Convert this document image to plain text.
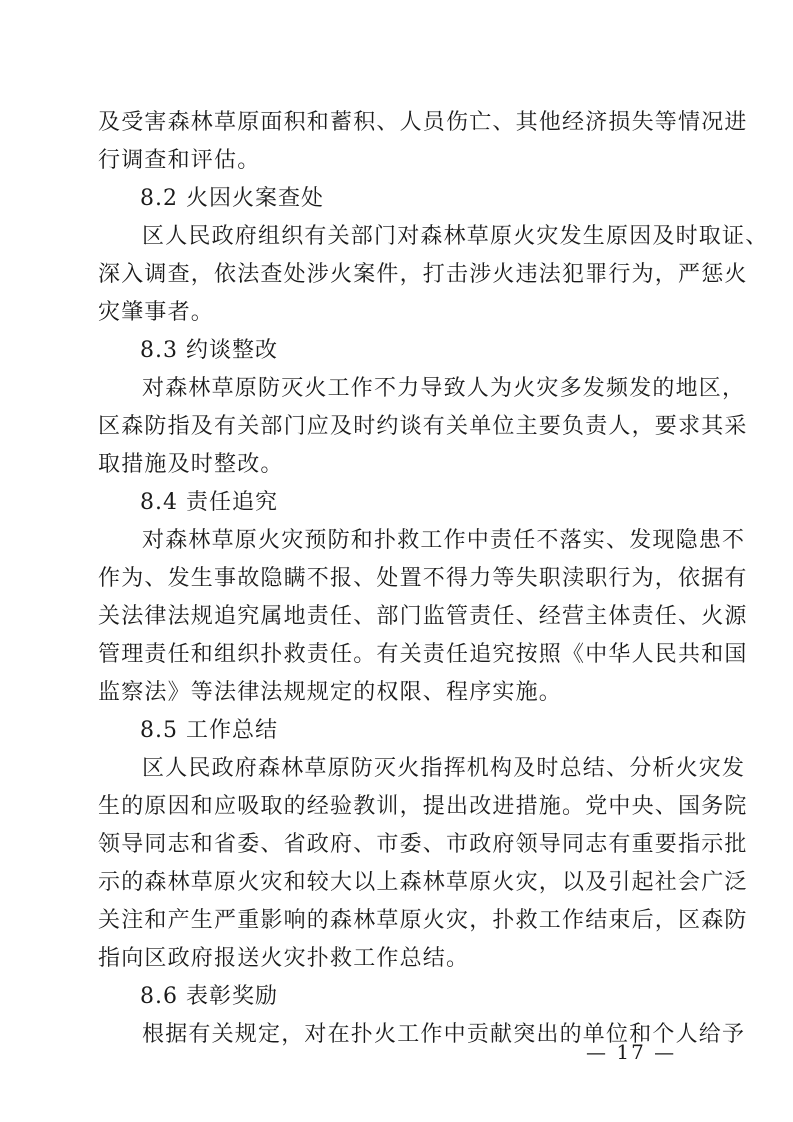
及受害森林草原面积和蓄积、人员伤亡、其他经济损失等情况进
行调查和评估。
8.2 火因火案查处
区人民政府组织有关部门对森林草原火灾发生原因及时取证、
深入调查，依法查处涉火案件，打击涉火违法犯罪行为，严惩火
灾肇事者。
8.3 约谈整改
对森林草原防灭火工作不力导致人为火灾多发频发的地区，
区森防指及有关部门应及时约谈有关单位主要负责人，要求其采
取措施及时整改。
8.4 责任追究
对森林草原火灾预防和扑救工作中责任不落实、发现隐患不
作为、发生事故隐瞒不报、处置不得力等失职渎职行为，依据有
关法律法规追究属地责任、部门监管责任、经营主体责任、火源
管理责任和组织扑救责任。有关责任追究按照《中华人民共和国
监察法》等法律法规规定的权限、程序实施。
8.5 工作总结
区人民政府森林草原防灭火指挥机构及时总结、分析火灾发
生的原因和应吸取的经验教训，提出改进措施。党中央、国务院
领导同志和省委、省政府、市委、市政府领导同志有重要指示批
示的森林草原火灾和较大以上森林草原火灾，以及引起社会广泛
关注和产生严重影响的森林草原火灾，扑救工作结束后，区森防
指向区政府报送火灾扑救工作总结。
8.6 表彰奖励
根据有关规定，对在扑火工作中贡献突出的单位和个人给予
— 17 —
